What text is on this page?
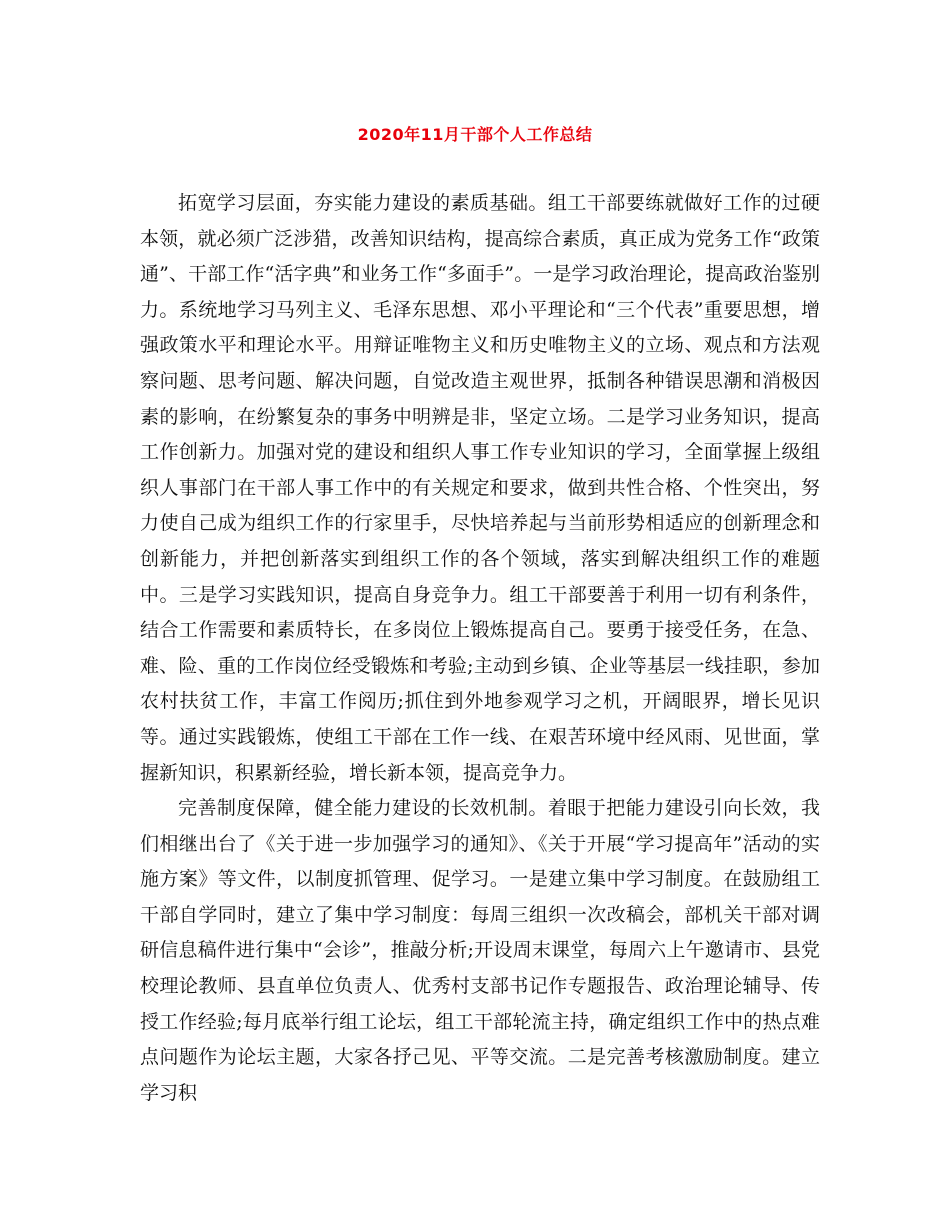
2020年11月干部个人工作总结

拓宽学习层面，夯实能力建设的素质基础。组工干部要练就做好工作的过硬本领，就必须广泛涉猎，改善知识结构，提高综合素质，真正成为党务工作“政策通”、干部工作“活字典”和业务工作“多面手”。一是学习政治理论，提高政治鉴别力。系统地学习马列主义、毛泽东思想、邓小平理论和“三个代表”重要思想，增强政策水平和理论水平。用辩证唯物主义和历史唯物主义的立场、观点和方法观察问题、思考问题、解决问题，自觉改造主观世界，抵制各种错误思潮和消极因素的影响，在纷繁复杂的事务中明辨是非，坚定立场。二是学习业务知识，提高工作创新力。加强对党的建设和组织人事工作专业知识的学习，全面掌握上级组织人事部门在干部人事工作中的有关规定和要求，做到共性合格、个性突出，努力使自己成为组织工作的行家里手，尽快培养起与当前形势相适应的创新理念和创新能力，并把创新落实到组织工作的各个领域，落实到解决组织工作的难题中。三是学习实践知识，提高自身竞争力。组工干部要善于利用一切有利条件，结合工作需要和素质特长，在多岗位上锻炼提高自己。要勇于接受任务，在急、难、险、重的工作岗位经受锻炼和考验;主动到乡镇、企业等基层一线挂职，参加农村扶贫工作，丰富工作阅历;抓住到外地参观学习之机，开阔眼界，增长见识等。通过实践锻炼，使组工干部在工作一线、在艰苦环境中经风雨、见世面，掌握新知识，积累新经验，增长新本领，提高竞争力。

完善制度保障，健全能力建设的长效机制。着眼于把能力建设引向长效，我们相继出台了《关于进一步加强学习的通知》、《关于开展“学习提高年”活动的实施方案》等文件，以制度抓管理、促学习。一是建立集中学习制度。在鼓励组工干部自学同时，建立了集中学习制度：每周三组织一次改稿会，部机关干部对调研信息稿件进行集中“会诊”，推敲分析;开设周末课堂，每周六上午邀请市、县党校理论教师、县直单位负责人、优秀村支部书记作专题报告、政治理论辅导、传授工作经验;每月底举行组工论坛，组工干部轮流主持，确定组织工作中的热点难点问题作为论坛主题，大家各抒己见、平等交流。二是完善考核激励制度。建立学习积
